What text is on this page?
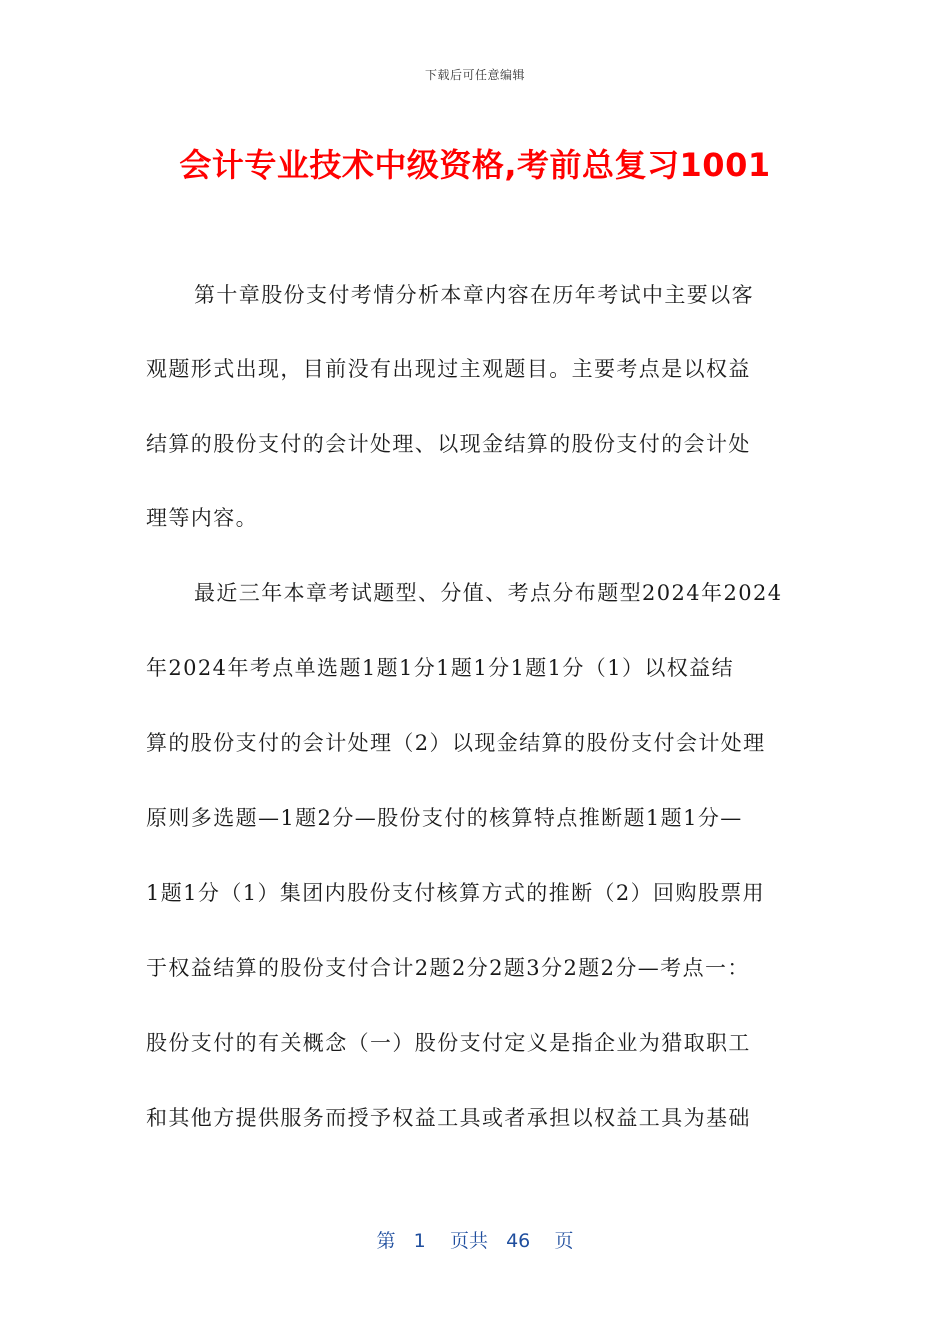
下载后可任意编辑
会计专业技术中级资格,考前总复习1001
第十章股份支付考情分析本章内容在历年考试中主要以客
观题形式出现，目前没有出现过主观题目。主要考点是以权益
结算的股份支付的会计处理、以现金结算的股份支付的会计处
理等内容。
最近三年本章考试题型、分值、考点分布题型2024年2024
年2024年考点单选题1题1分1题1分1题1分（1）以权益结
算的股份支付的会计处理（2）以现金结算的股份支付会计处理
原则多选题—1题2分—股份支付的核算特点推断题1题1分—
1题1分（1）集团内股份支付核算方式的推断（2）回购股票用
于权益结算的股份支付合计2题2分2题3分2题2分—考点一：
股份支付的有关概念（一）股份支付定义是指企业为猎取职工
和其他方提供服务而授予权益工具或者承担以权益工具为基础
第 1 页共 46 页
